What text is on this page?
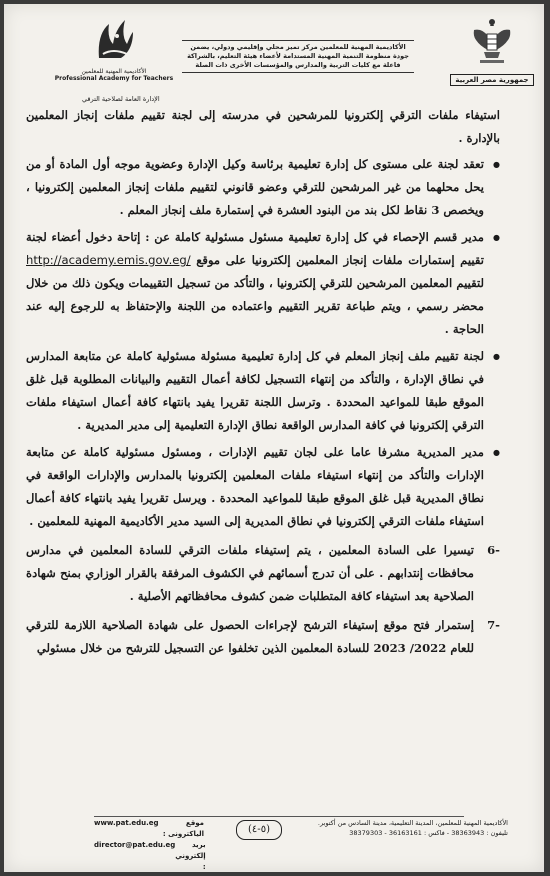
جمهورية مصر العربية
الأكاديمية المهنية للمعلمين مركز تميز محلي وإقليمي ودولي، يضمن
جودة منظومة التنمية المهنية المستدامة لأعضاء هيئة التعليم، بالشراكة
فاعلة مع كليات التربية والمدارس والمؤسسات الأخرى ذات الصلة
الأكاديمية المهنية للمعلمين
Professional Academy for Teachers
الإدارة العامة لصلاحية الترقي

استيفاء ملفات الترقي إلكترونيا للمرشحين في مدرسته إلى لجنة تقييم ملفات إنجاز المعلمين بالإدارة .

● تعقد لجنة على مستوى كل إدارة تعليمية برئاسة وكيل الإدارة وعضوية موجه أول المادة أو من يحل محلهما من غير المرشحين للترقي وعضو قانوني لتقييم ملفات إنجاز المعلمين إلكترونيا ، ويخصص 3 نقاط لكل بند من البنود العشرة في إستمارة ملف إنجاز المعلم .

● مدير قسم الإحصاء في كل إدارة تعليمية مسئول مسئولية كاملة عن : إتاحة دخول أعضاء لجنة تقييم إستمارات ملفات إنجاز المعلمين إلكترونيا على موقع http://academy.emis.gov.eg/ لتقييم المعلمين المرشحين للترقي إلكترونيا ، والتأكد من تسجيل التقييمات ويكون ذلك من خلال محضر رسمي ، ويتم طباعة تقرير التقييم واعتماده من اللجنة والإحتفاظ به للرجوع إليه عند الحاجة .

● لجنة تقييم ملف إنجاز المعلم في كل إدارة تعليمية مسئولة مسئولية كاملة عن متابعة المدارس في نطاق الإدارة ، والتأكد من إنتهاء التسجيل لكافة أعمال التقييم والبيانات المطلوبة قبل غلق الموقع طبقا للمواعيد المحددة . وترسل اللجنة تقريرا يفيد بانتهاء كافة أعمال استيفاء ملفات الترقي إلكترونيا في كافة المدارس الواقعة نطاق الإدارة التعليمية إلى مدير المديرية .

● مدير المديرية مشرفا عاما على لجان تقييم الإدارات ، ومسئول مسئولية كاملة عن متابعة الإدارات والتأكد من إنتهاء استيفاء ملفات المعلمين إلكترونيا بالمدارس والإدارات الواقعة في نطاق المديرية قبل غلق الموقع طبقا للمواعيد المحددة . ويرسل تقريرا يفيد بانتهاء كافة أعمال استيفاء ملفات الترقي إلكترونيا في نطاق المديرية إلى السيد مدير الأكاديمية المهنية للمعلمين .

6-
تيسيرا على السادة المعلمين ، يتم إستيفاء ملفات الترقي للسادة المعلمين في مدارس محافظات إنتدابهم . على أن تدرج أسمائهم في الكشوف المرفقة بالقرار الوزاري بمنح شهادة الصلاحية بعد استيفاء كافة المتطلبات ضمن كشوف محافظاتهم الأصلية .

7-
إستمرار فتح موقع إستيفاء الترشح لإجراءات الحصول على شهادة الصلاحية اللازمة للترقي للعام 2022/ 2023 للسادة المعلمين الذين تخلفوا عن التسجيل للترشح من خلال مسئولي

الأكاديمية المهنية للمعلمين، المدينة التعليمية، مدينة السادس من أكتوبر.
تليفون : 38363943 - فاكس : 38379303 - 36163161
(٥-٤)
www.pat.edu.eg	موقع الياكترونى :
director@pat.edu.eg	بريد إلكتروني :
